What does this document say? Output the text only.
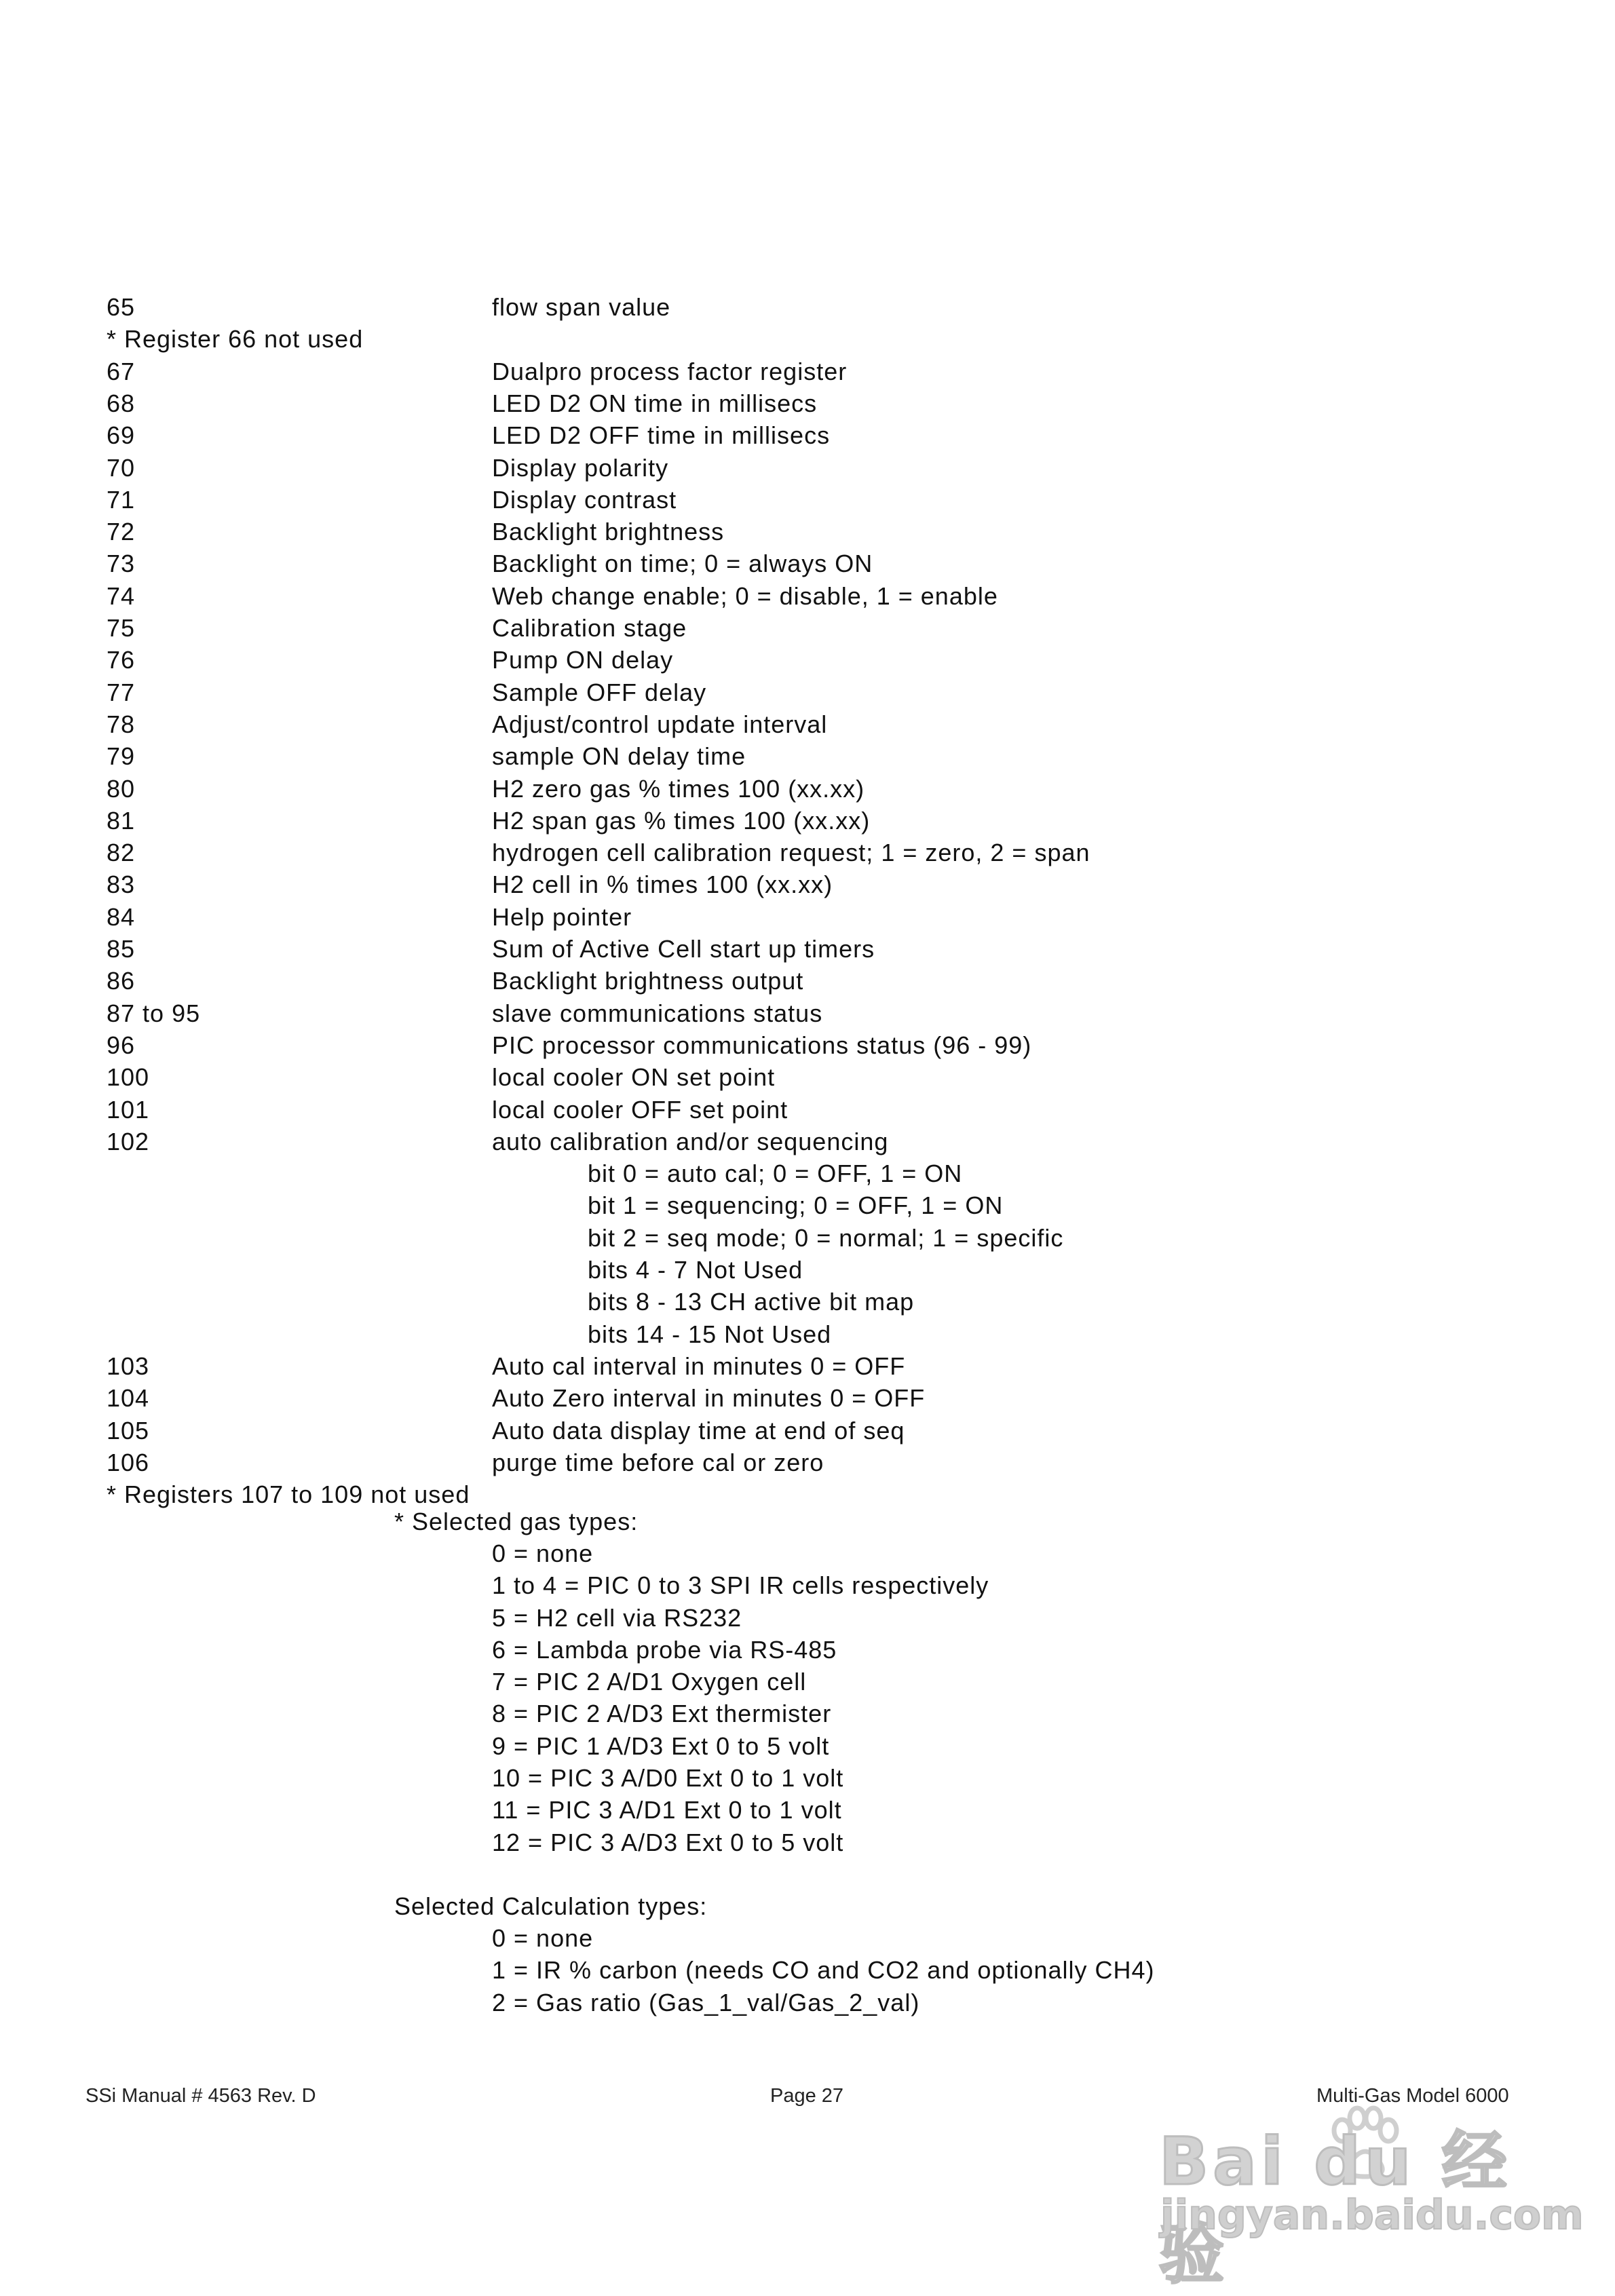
65	flow span value
* Register 66 not used
67	Dualpro process factor register
68	LED D2 ON time in millisecs
69	LED D2 OFF time in millisecs
70	Display polarity
71	Display contrast
72	Backlight brightness
73	Backlight on time; 0 = always ON
74	Web change enable; 0 = disable, 1 = enable
75	Calibration stage
76	Pump ON delay
77	Sample OFF delay
78	Adjust/control update interval
79	sample ON delay time
80	H2 zero gas % times 100 (xx.xx)
81	H2 span gas % times 100 (xx.xx)
82	hydrogen cell calibration request; 1 = zero, 2 = span
83	H2 cell in % times 100 (xx.xx)
84	Help pointer
85	Sum of Active Cell start up timers
86	Backlight brightness output
87 to 95	slave communications status
96	PIC processor communications status (96 - 99)
100	local cooler ON set point
101	local cooler OFF set point
102	auto calibration and/or sequencing
bit 0 = auto cal; 0 = OFF, 1 = ON
bit 1 = sequencing; 0 = OFF, 1 = ON
bit 2 = seq mode; 0 = normal; 1 = specific
bits 4 - 7 Not Used
bits 8 - 13 CH active bit map
bits 14 - 15 Not Used
103	Auto cal interval in minutes 0 = OFF
104	Auto Zero interval in minutes 0 = OFF
105	Auto data display time at end of seq
106	purge time before cal or zero
* Registers 107 to 109 not used
* Selected gas types:
0 = none
1 to 4 = PIC 0 to 3 SPI IR cells respectively
5 = H2 cell via RS232
6 = Lambda probe via RS-485
7 = PIC 2 A/D1 Oxygen cell
8 = PIC 2 A/D3 Ext thermister
9 = PIC 1 A/D3 Ext 0 to 5 volt
10 = PIC 3 A/D0 Ext 0 to 1 volt
11 = PIC 3 A/D1 Ext 0 to 1 volt
12 = PIC 3 A/D3 Ext 0 to 5 volt
Selected Calculation types:
0 = none
1 = IR % carbon (needs CO and CO2 and optionally CH4)
2 = Gas ratio (Gas_1_val/Gas_2_val)
SSi Manual # 4563 Rev. D	Page 27	Multi-Gas Model 6000
Bai du 经验
jingyan.baidu.com
